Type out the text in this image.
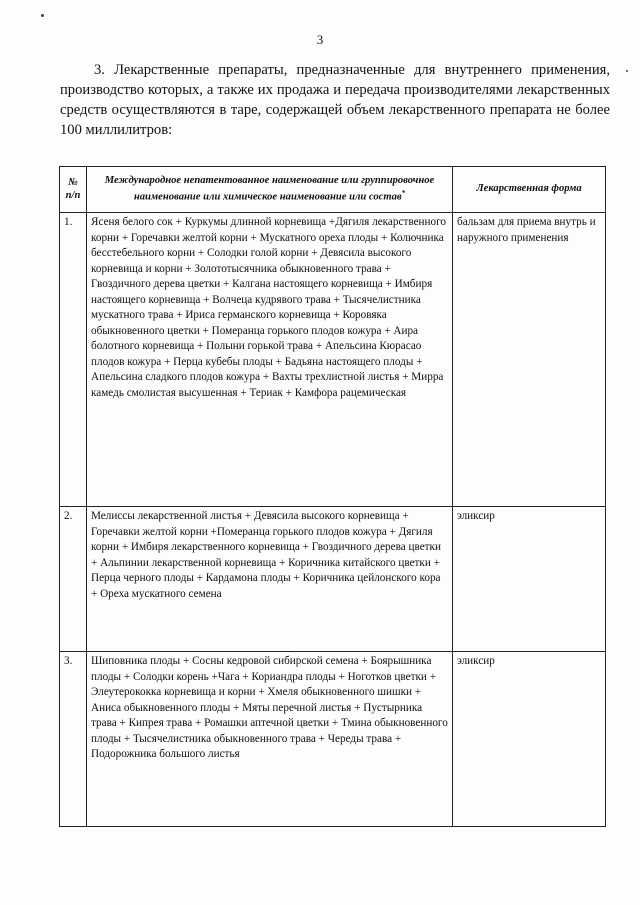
3

3. Лекарственные препараты, предназначенные для внутреннего применения, производство которых, а также их продажа и передача производителями лекарственных средств осуществляются в таре, содержащей объем лекарственного препарата не более 100 миллилитров:

№ п/п	Международное непатентованное наименование или группировочное наименование или химическое наименование или состав*	Лекарственная форма
1.	Ясеня белого сок + Куркумы длинной корневища +Дягиля лекарственного корни + Горечавки желтой корни + Мускатного ореха плоды + Колючника бесстебельного корни + Солодки голой корни + Девясила высокого корневища и корни + Золототысячника обыкновенного трава + Гвоздичного дерева цветки + Калгана настоящего корневища + Имбиря настоящего корневища + Волчеца кудрявого трава + Тысячелистника мускатного трава + Ириса германского корневища + Коровяка обыкновенного цветки + Померанца горького плодов кожура + Аира болотного корневища + Полыни горькой трава + Апельсина Кюрасао плодов кожура + Перца кубебы плоды + Бадьяна настоящего плоды + Апельсина сладкого плодов кожура + Вахты трехлистной листья + Мирра камедь смолистая высушенная + Териак + Камфора рацемическая	бальзам для приема внутрь и наружного применения
2.	Мелиссы лекарственной листья + Девясила высокого корневища + Горечавки желтой корни +Померанца горького плодов кожура + Дягиля корни + Имбиря лекарственного корневища + Гвоздичного дерева цветки + Альпинии лекарственной корневища + Коричника китайского цветки + Перца черного плоды + Кардамона плоды + Коричника цейлонского кора + Ореха мускатного семена	эликсир
3.	Шиповника плоды + Сосны кедровой сибирской семена + Боярышника плоды + Солодки корень +Чага + Кориандра плоды + Ноготков цветки + Элеутерококка корневища и корни + Хмеля обыкновенного шишки + Аниса обыкновенного плоды + Мяты перечной листья + Пустырника трава + Кипрея трава + Ромашки аптечной цветки + Тмина обыкновенного плоды + Тысячелистника обыкновенного трава + Череды трава + Подорожника большого листья	эликсир
